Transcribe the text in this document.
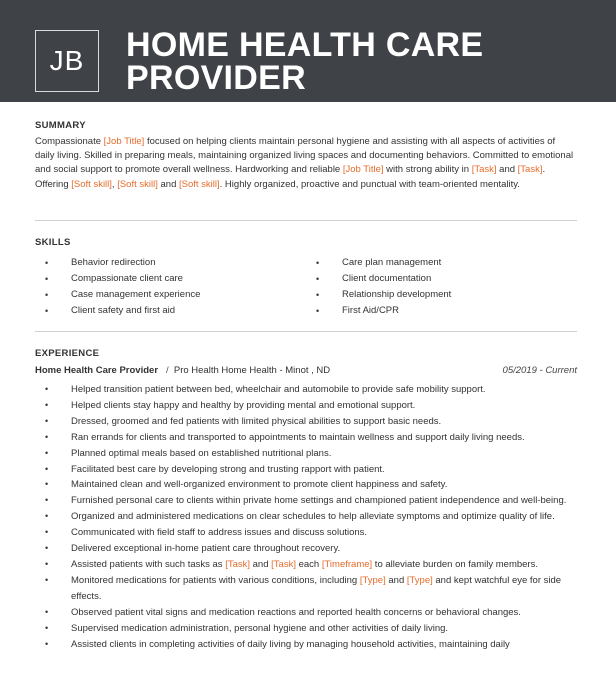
JB	HOME HEALTH CARE PROVIDER
SUMMARY
Compassionate [Job Title] focused on helping clients maintain personal hygiene and assisting with all aspects of activities of daily living. Skilled in preparing meals, maintaining organized living spaces and documenting behaviors. Committed to emotional and social support to promote overall wellness. Hardworking and reliable [Job Title] with strong ability in [Task] and [Task]. Offering [Soft skill], [Soft skill] and [Soft skill]. Highly organized, proactive and punctual with team-oriented mentality.
SKILLS
• Behavior redirection
• Compassionate client care
• Case management experience
• Client safety and first aid
• Care plan management
• Client documentation
• Relationship development
• First Aid/CPR
EXPERIENCE
Home Health Care Provider / Pro Health Home Health - Minot , ND	05/2019 - Current
• Helped transition patient between bed, wheelchair and automobile to provide safe mobility support.
• Helped clients stay happy and healthy by providing mental and emotional support.
• Dressed, groomed and fed patients with limited physical abilities to support basic needs.
• Ran errands for clients and transported to appointments to maintain wellness and support daily living needs.
• Planned optimal meals based on established nutritional plans.
• Facilitated best care by developing strong and trusting rapport with patient.
• Maintained clean and well-organized environment to promote client happiness and safety.
• Furnished personal care to clients within private home settings and championed patient independence and well-being.
• Organized and administered medications on clear schedules to help alleviate symptoms and optimize quality of life.
• Communicated with field staff to address issues and discuss solutions.
• Delivered exceptional in-home patient care throughout recovery.
• Assisted patients with such tasks as [Task] and [Task] each [Timeframe] to alleviate burden on family members.
• Monitored medications for patients with various conditions, including [Type] and [Type] and kept watchful eye for side effects.
• Observed patient vital signs and medication reactions and reported health concerns or behavioral changes.
• Supervised medication administration, personal hygiene and other activities of daily living.
• Assisted clients in completing activities of daily living by managing household activities, maintaining daily
